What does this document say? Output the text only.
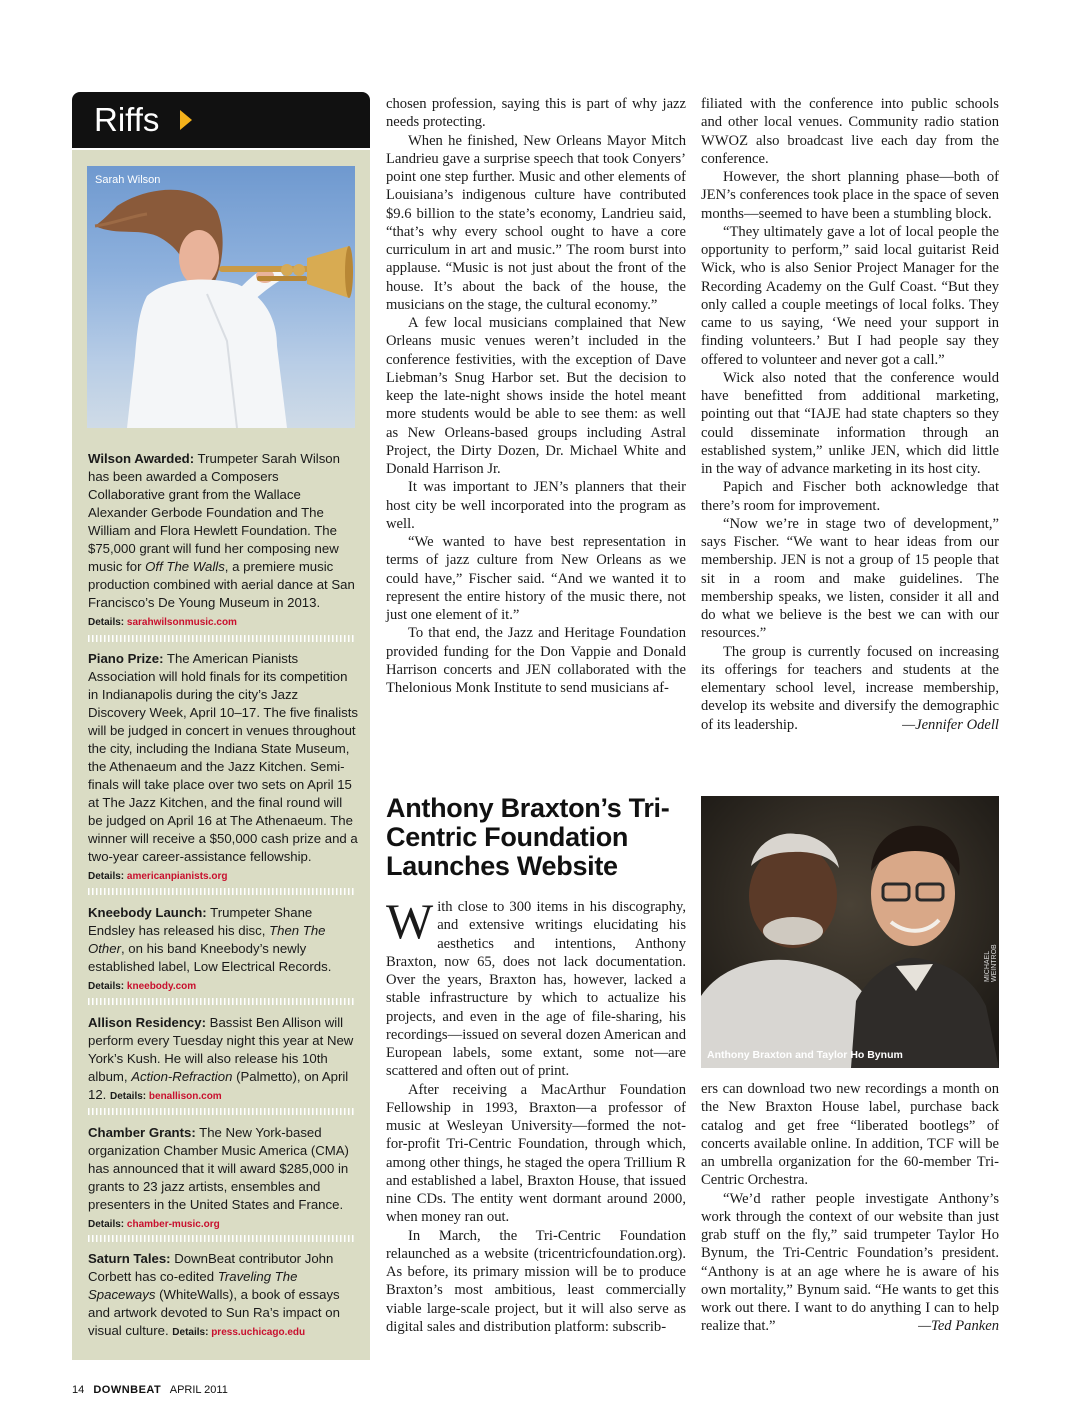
Riffs
Sarah Wilson

Wilson Awarded: Trumpeter Sarah Wilson has been awarded a Composers Collaborative grant from the Wallace Alexander Gerbode Foundation and The William and Flora Hewlett Foundation. The $75,000 grant will fund her composing new music for Off The Walls, a premiere music production combined with aerial dance at San Francisco’s De Young Museum in 2013.
Details: sarahwilsonmusic.com

Piano Prize: The American Pianists Association will hold finals for its competition in Indianapolis during the city’s Jazz Discovery Week, April 10–17. The five finalists will be judged in concert in venues throughout the city, including the Indiana State Museum, the Athenaeum and the Jazz Kitchen. Semi-finals will take place over two sets on April 15 at The Jazz Kitchen, and the final round will be judged on April 16 at The Athenaeum. The winner will receive a $50,000 cash prize and a two-year career-assistance fellowship.
Details: americanpianists.org

Kneebody Launch: Trumpeter Shane Endsley has released his disc, Then The Other, on his band Kneebody’s newly established label, Low Electrical Records.
Details: kneebody.com

Allison Residency: Bassist Ben Allison will perform every Tuesday night this year at New York’s Kush. He will also release his 10th album, Action-Refraction (Palmetto), on April 12. Details: benallison.com

Chamber Grants: The New York-based organization Chamber Music America (CMA) has announced that it will award $285,000 in grants to 23 jazz artists, ensembles and presenters in the United States and France.
Details: chamber-music.org

Saturn Tales: DownBeat contributor John Corbett has co-edited Traveling The Spaceways (WhiteWalls), a book of essays and artwork devoted to Sun Ra’s impact on visual culture. Details: press.uchicago.edu

chosen profession, saying this is part of why jazz needs protecting.

When he finished, New Orleans Mayor Mitch Landrieu gave a surprise speech that took Conyers’ point one step further. Music and other elements of Louisiana’s indigenous culture have contributed $9.6 billion to the state’s economy, Landrieu said, “that’s why every school ought to have a core curriculum in art and music.” The room burst into applause. “Music is not just about the front of the house. It’s about the back of the house, the musicians on the stage, the cultural economy.”

A few local musicians complained that New Orleans music venues weren’t included in the conference festivities, with the exception of Dave Liebman’s Snug Harbor set. But the decision to keep the late-night shows inside the hotel meant more students would be able to see them: as well as New Orleans-based groups including Astral Project, the Dirty Dozen, Dr. Michael White and Donald Harrison Jr.

It was important to JEN’s planners that their host city be well incorporated into the program as well.

“We wanted to have best representation in terms of jazz culture from New Orleans as we could have,” Fischer said. “And we wanted it to represent the entire history of the music there, not just one element of it.”

To that end, the Jazz and Heritage Foundation provided funding for the Don Vappie and Donald Harrison concerts and JEN collaborated with the Thelonious Monk Institute to send musicians af-

filiated with the conference into public schools and other local venues. Community radio station WWOZ also broadcast live each day from the conference.

However, the short planning phase—both of JEN’s conferences took place in the space of seven months—seemed to have been a stumbling block.

“They ultimately gave a lot of local people the opportunity to perform,” said local guitarist Reid Wick, who is also Senior Project Manager for the Recording Academy on the Gulf Coast. “But they only called a couple meetings of local folks. They came to us saying, ‘We need your support in finding volunteers.’ But I had people say they offered to volunteer and never got a call.”

Wick also noted that the conference would have benefitted from additional marketing, pointing out that “IAJE had state chapters so they could disseminate information through an established system,” unlike JEN, which did little in the way of advance marketing in its host city.

Papich and Fischer both acknowledge that there’s room for improvement.

“Now we’re in stage two of development,” says Fischer. “We want to hear ideas from our membership. JEN is not a group of 15 people that sit in a room and make guidelines. The membership speaks, we listen, consider it all and do what we believe is the best we can with our resources.”

The group is currently focused on increasing its offerings for teachers and students at the elementary school level, increase membership, develop its website and diversify the demographic of its leadership.	—Jennifer Odell

Anthony Braxton’s Tri-Centric Foundation Launches Website

With close to 300 items in his discography, and extensive writings elucidating his aesthetics and intentions, Anthony Braxton, now 65, does not lack documentation. Over the years, Braxton has, however, lacked a stable infrastructure by which to actualize his projects, and even in the age of file-sharing, his recordings—issued on several dozen American and European labels, some extant, some not—are scattered and often out of print.

After receiving a MacArthur Foundation Fellowship in 1993, Braxton—a professor of music at Wesleyan University—formed the not-for-profit Tri-Centric Foundation, through which, among other things, he staged the opera Trillium R and established a label, Braxton House, that issued nine CDs. The entity went dormant around 2000, when money ran out.

In March, the Tri-Centric Foundation relaunched as a website (tricentricfoundation.org). As before, its primary mission will be to produce Braxton’s most ambitious, least commercially viable large-scale project, but it will also serve as digital sales and distribution platform: subscrib-

Anthony Braxton and Taylor Ho Bynum
MICHAEL WEINTROB

ers can download two new recordings a month on the New Braxton House label, purchase back catalog and get free “liberated bootlegs” of concerts available online. In addition, TCF will be an umbrella organization for the 60-member Tri-Centric Orchestra.

“We’d rather people investigate Anthony’s work through the context of our website than just grab stuff on the fly,” said trumpeter Taylor Ho Bynum, the Tri-Centric Foundation’s president. “Anthony is at an age where he is aware of his own mortality,” Bynum said. “He wants to get this work out there. I want to do anything I can to help realize that.”	—Ted Panken

14 DOWNBEAT APRIL 2011
